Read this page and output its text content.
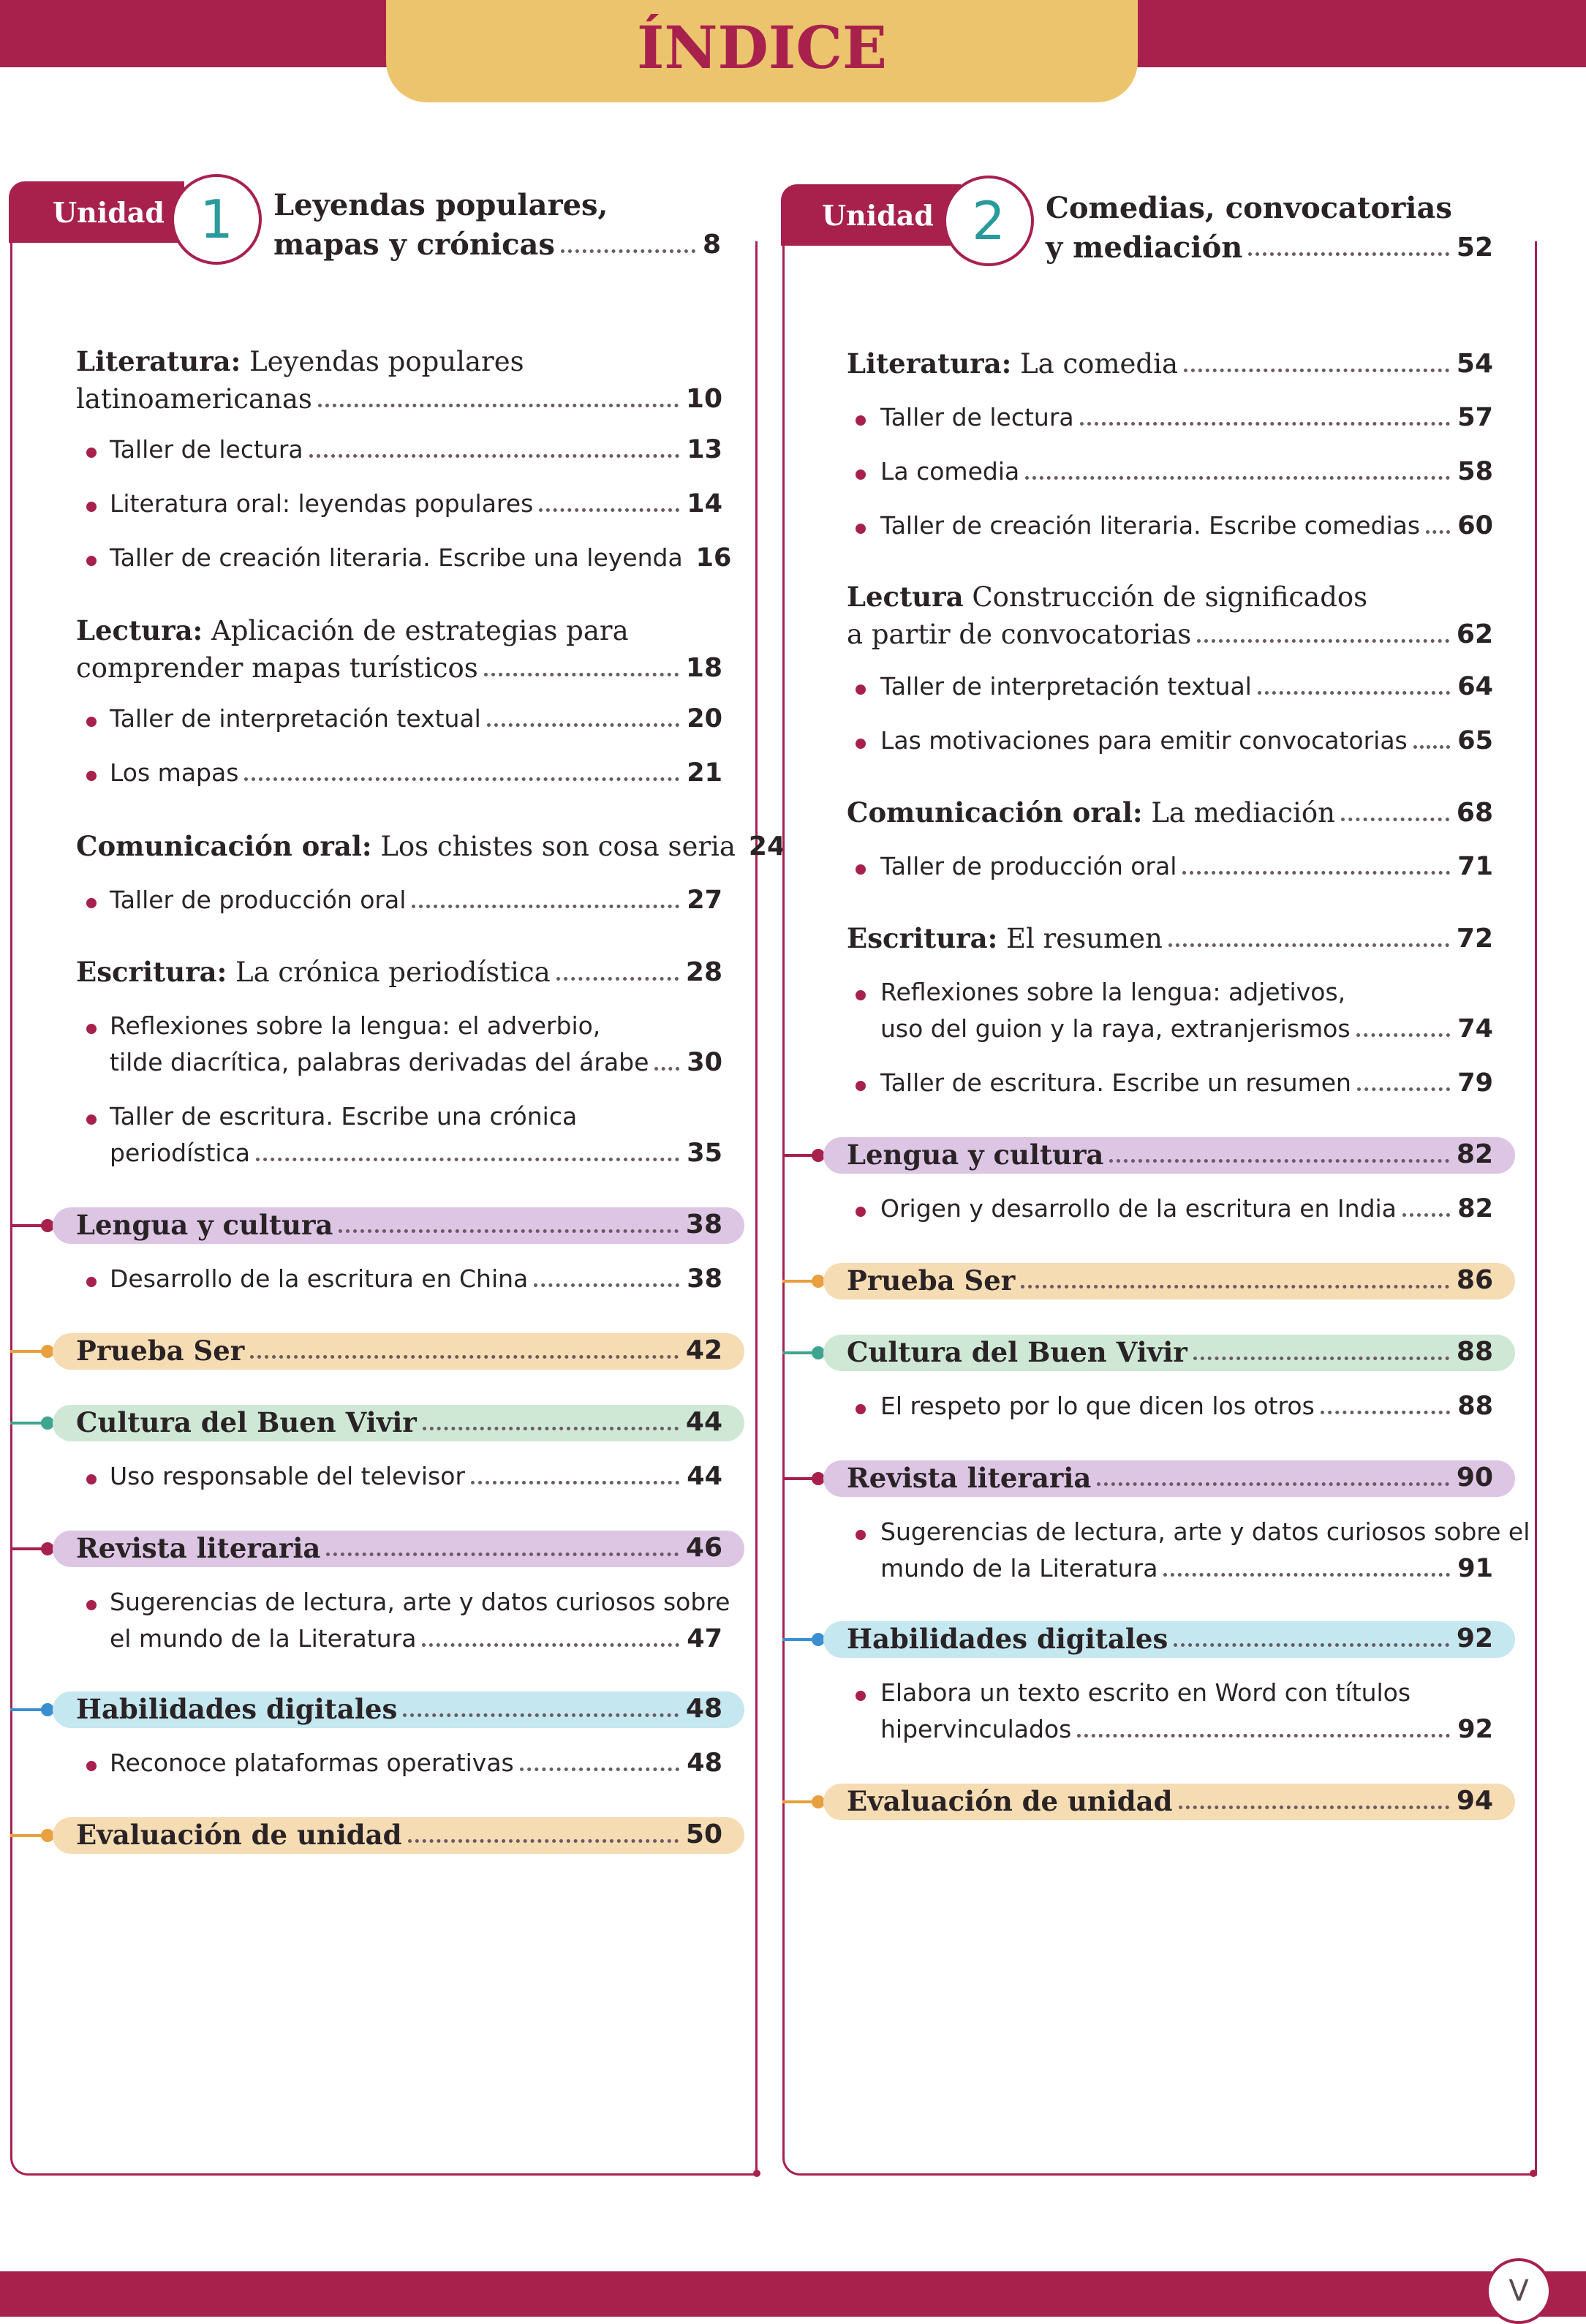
ÍNDICE
Unidad 1	Leyendas populares,
mapas y crónicas	8
Literatura: Leyendas populares
latinoamericanas	10
Taller de lectura	13
Literatura oral: leyendas populares	14
Taller de creación literaria. Escribe una leyenda 16
Lectura: Aplicación de estrategias para
comprender mapas turísticos	18
Taller de interpretación textual	20
Los mapas	21
Comunicación oral: Los chistes son cosa seria 24
Taller de producción oral	27
Escritura: La crónica periodística	28
Reflexiones sobre la lengua: el adverbio,
tilde diacrítica, palabras derivadas del árabe 30
Taller de escritura. Escribe una crónica
periodística	35
Lengua y cultura	38
Desarrollo de la escritura en China	38
Prueba Ser	42
Cultura del Buen Vivir	44
Uso responsable del televisor	44
Revista literaria	46
Sugerencias de lectura, arte y datos curiosos sobre
el mundo de la Literatura	47
Habilidades digitales	48
Reconoce plataformas operativas	48
Evaluación de unidad	50
Unidad 2	Comedias, convocatorias
y mediación	52
Literatura: La comedia	54
Taller de lectura	57
La comedia	58
Taller de creación literaria. Escribe comedias 60
Lectura Construcción de significados
a partir de convocatorias	62
Taller de interpretación textual	64
Las motivaciones para emitir convocatorias 65
Comunicación oral: La mediación	68
Taller de producción oral	71
Escritura: El resumen	72
Reflexiones sobre la lengua: adjetivos,
uso del guion y la raya, extranjerismos	74
Taller de escritura. Escribe un resumen	79
Lengua y cultura	82
Origen y desarrollo de la escritura en India 82
Prueba Ser	86
Cultura del Buen Vivir	88
El respeto por lo que dicen los otros	88
Revista literaria	90
Sugerencias de lectura, arte y datos curiosos sobre el
mundo de la Literatura	91
Habilidades digitales	92
Elabora un texto escrito en Word con títulos
hipervinculados	92
Evaluación de unidad	94
V
